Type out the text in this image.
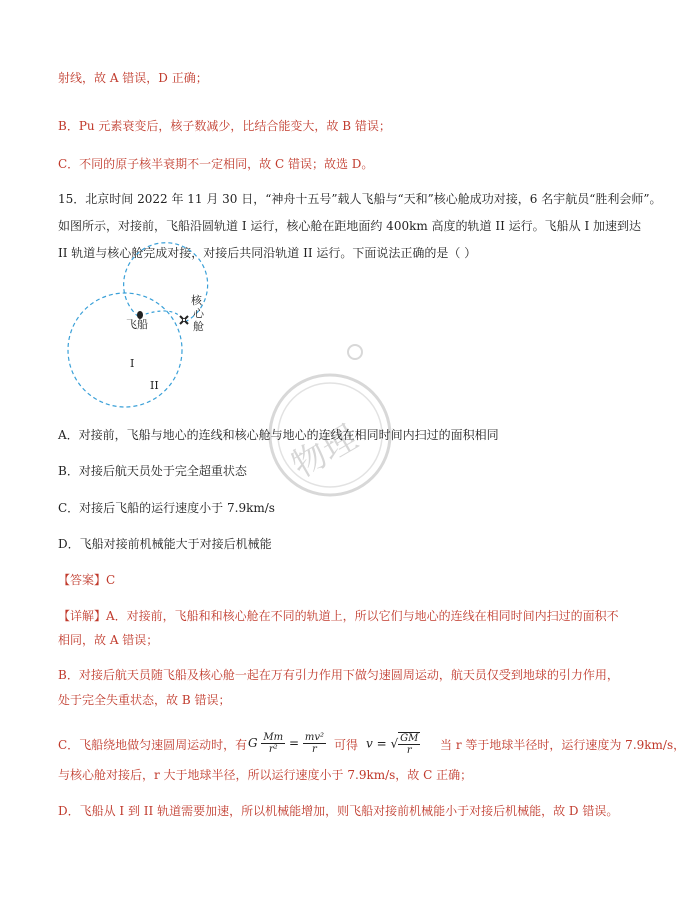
射线，故 A 错误，D 正确；
B．Pu 元素衰变后，核子数减少，比结合能变大，故 B 错误；
C．不同的原子核半衰期不一定相同，故 C 错误；故选 D。
15．北京时间 2022 年 11 月 30 日，“神舟十五号”载人飞船与“天和”核心舱成功对接，6 名宇航员“胜利会师”。
如图所示，对接前，飞船沿圆轨道 I 运行，核心舱在距地面约 400km 高度的轨道 II 运行。飞船从 I 加速到达
II 轨道与核心舱完成对接，对接后共同沿轨道 II 运行。下面说法正确的是（ ）
飞船
核
心
舱
I
II
物理
A．对接前，飞船与地心的连线和核心舱与地心的连线在相同时间内扫过的面积相同
B．对接后航天员处于完全超重状态
C．对接后飞船的运行速度小于 7.9km/s
D．飞船对接前机械能大于对接后机械能
【答案】C
【详解】A．对接前，飞船和和核心舱在不同的轨道上，所以它们与地心的连线在相同时间内扫过的面积不
相同，故 A 错误；
B．对接后航天员随飞船及核心舱一起在万有引力作用下做匀速圆周运动，航天员仅受到地球的引力作用，
处于完全失重状态，故 B 错误；
C．飞船绕地做匀速圆周运动时，有 G $\frac{Mm}{\text{r²}} = \frac{\text{mv²}}{r}$ 可得 v = √ $\frac{GM}{r}$ 当 r 等于地球半径时，运行速度为 7.9km/s，
与核心舱对接后，r 大于地球半径，所以运行速度小于 7.9km/s，故 C 正确；
D．飞船从 I 到 II 轨道需要加速，所以机械能增加，则飞船对接前机械能小于对接后机械能，故 D 错误。
